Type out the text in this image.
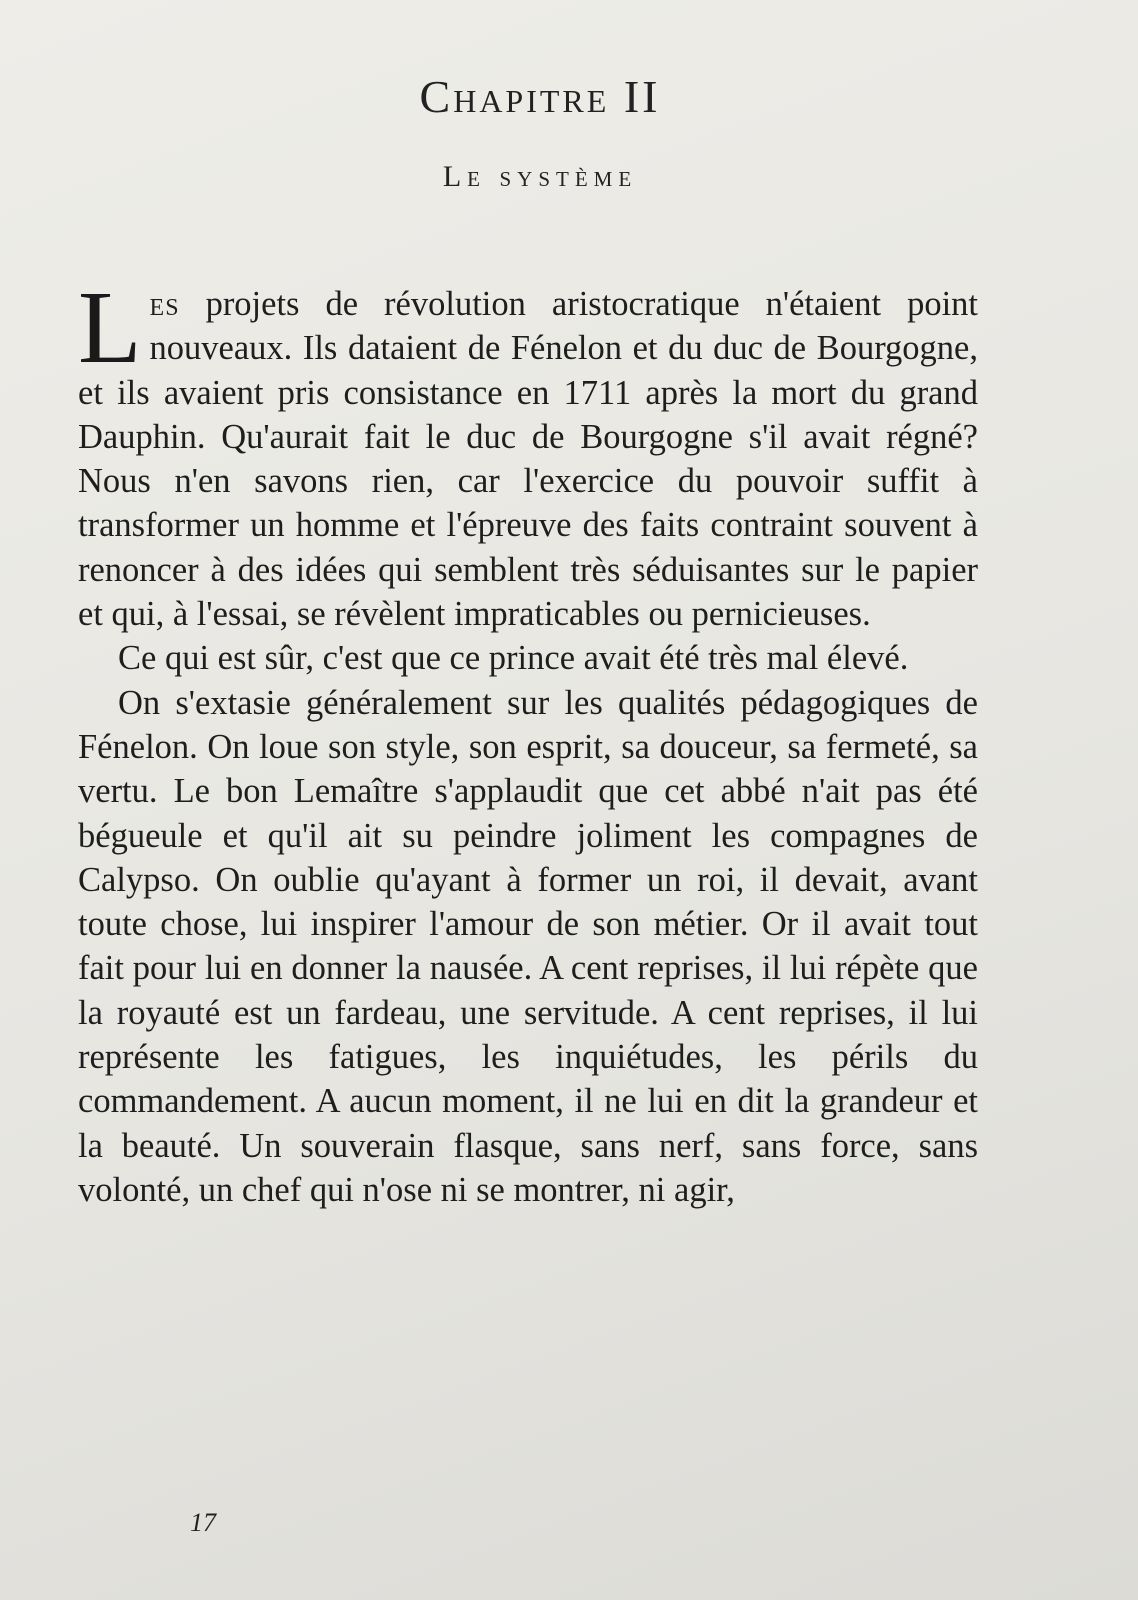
Chapitre II
Le système

Les projets de révolution aristocratique n'étaient point nouveaux. Ils dataient de Fénelon et du duc de Bourgogne, et ils avaient pris consistance en 1711 après la mort du grand Dauphin. Qu'aurait fait le duc de Bourgogne s'il avait régné? Nous n'en savons rien, car l'exercice du pouvoir suffit à transformer un homme et l'épreuve des faits contraint souvent à renoncer à des idées qui semblent très séduisantes sur le papier et qui, à l'essai, se révèlent impraticables ou pernicieuses.

Ce qui est sûr, c'est que ce prince avait été très mal élevé.

On s'extasie généralement sur les qualités pédagogiques de Fénelon. On loue son style, son esprit, sa douceur, sa fermeté, sa vertu. Le bon Lemaître s'applaudit que cet abbé n'ait pas été bégueule et qu'il ait su peindre joliment les compagnes de Calypso. On oublie qu'ayant à former un roi, il devait, avant toute chose, lui inspirer l'amour de son métier. Or il avait tout fait pour lui en donner la nausée. A cent reprises, il lui répète que la royauté est un fardeau, une servitude. A cent reprises, il lui représente les fatigues, les inquiétudes, les périls du commandement. A aucun moment, il ne lui en dit la grandeur et la beauté. Un souverain flasque, sans nerf, sans force, sans volonté, un chef qui n'ose ni se montrer, ni agir,

17
